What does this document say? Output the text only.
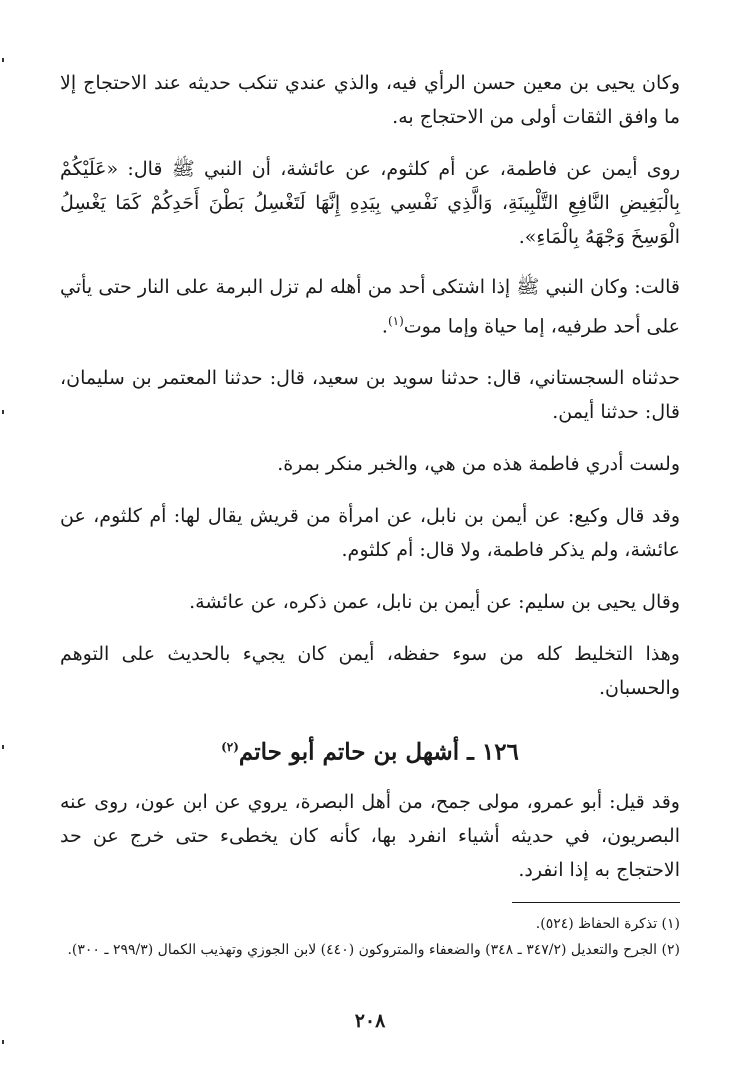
وكان يحيى بن معين حسن الرأي فيه، والذي عندي تنكب حديثه عند الاحتجاج إلا ما وافق الثقات أولى من الاحتجاج به.

روى أيمن عن فاطمة، عن أم كلثوم، عن عائشة، أن النبي ﷺ قال: «عَلَيْكُمْ بِالْبَغِيضِ النَّافِعِ التَّلْبِينَةِ، وَالَّذِي نَفْسِي بِيَدِهِ إِنَّهَا لَتَغْسِلُ بَطْنَ أَحَدِكُمْ كَمَا يَغْسِلُ الْوَسِخَ وَجْهَهُ بِالْمَاءِ».

قالت: وكان النبي ﷺ إذا اشتكى أحد من أهله لم تزل البرمة على النار حتى يأتي على أحد طرفيه، إما حياة وإما موت$^{(١)}$.

حدثناه السجستاني، قال: حدثنا سويد بن سعيد، قال: حدثنا المعتمر بن سليمان، قال: حدثنا أيمن.

ولست أدري فاطمة هذه من هي، والخبر منكر بمرة.

وقد قال وكيع: عن أيمن بن نابل، عن امرأة من قريش يقال لها: أم كلثوم، عن عائشة، ولم يذكر فاطمة، ولا قال: أم كلثوم.

وقال يحيى بن سليم: عن أيمن بن نابل، عمن ذكره، عن عائشة.

وهذا التخليط كله من سوء حفظه، أيمن كان يجيء بالحديث على التوهم والحسبان.

١٢٦ ـ أشهل بن حاتم أبو حاتم$^{(٢)}$

وقد قيل: أبو عمرو، مولى جمح، من أهل البصرة، يروي عن ابن عون، روى عنه البصريون، في حديثه أشياء انفرد بها، كأنه كان يخطىء حتى خرج عن حد الاحتجاج به إذا انفرد.

(١) تذكرة الحفاظ (٥٢٤).

(٢) الجرح والتعديل (٣٤٧/٢ ـ ٣٤٨) والضعفاء والمتروكون (٤٤٠) لابن الجوزي وتهذيب الكمال (٢٩٩/٣ ـ ٣٠٠).

٢٠٨
